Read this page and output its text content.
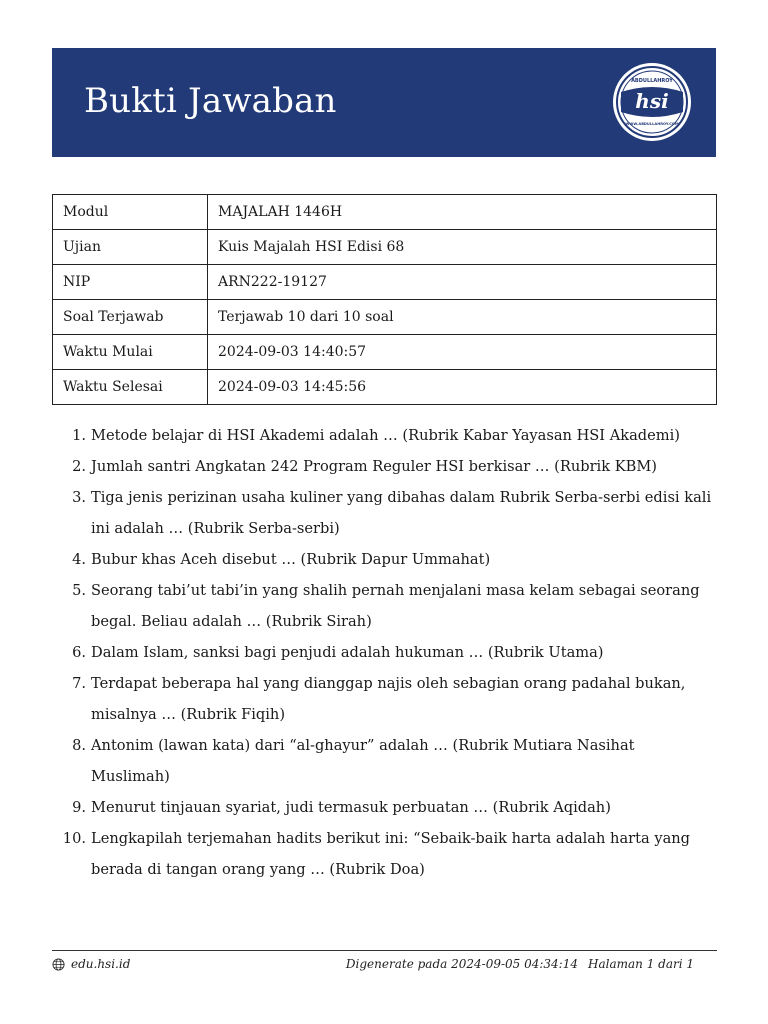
Bukti Jawaban	hsi
ABDULLAHROY
WWW.ABDULLAHROY.COM
Modul	MAJALAH 1446H
Ujian	Kuis Majalah HSI Edisi 68
NIP	ARN222-19127
Soal Terjawab	Terjawab 10 dari 10 soal
Waktu Mulai	2024-09-03 14:40:57
Waktu Selesai	2024-09-03 14:45:56
1. Metode belajar di HSI Akademi adalah … (Rubrik Kabar Yayasan HSI Akademi)
2. Jumlah santri Angkatan 242 Program Reguler HSI berkisar … (Rubrik KBM)
3. Tiga jenis perizinan usaha kuliner yang dibahas dalam Rubrik Serba-serbi edisi kali ini adalah … (Rubrik Serba-serbi)
4. Bubur khas Aceh disebut … (Rubrik Dapur Ummahat)
5. Seorang tabi’ut tabi’in yang shalih pernah menjalani masa kelam sebagai seorang begal. Beliau adalah … (Rubrik Sirah)
6. Dalam Islam, sanksi bagi penjudi adalah hukuman … (Rubrik Utama)
7. Terdapat beberapa hal yang dianggap najis oleh sebagian orang padahal bukan, misalnya … (Rubrik Fiqih)
8. Antonim (lawan kata) dari “al-ghayur” adalah … (Rubrik Mutiara Nasihat Muslimah)
9. Menurut tinjauan syariat, judi termasuk perbuatan … (Rubrik Aqidah)
10. Lengkapilah terjemahan hadits berikut ini: “Sebaik-baik harta adalah harta yang berada di tangan orang yang … (Rubrik Doa)
edu.hsi.id	Digenerate pada 2024-09-05 04:34:14 Halaman 1 dari 1
